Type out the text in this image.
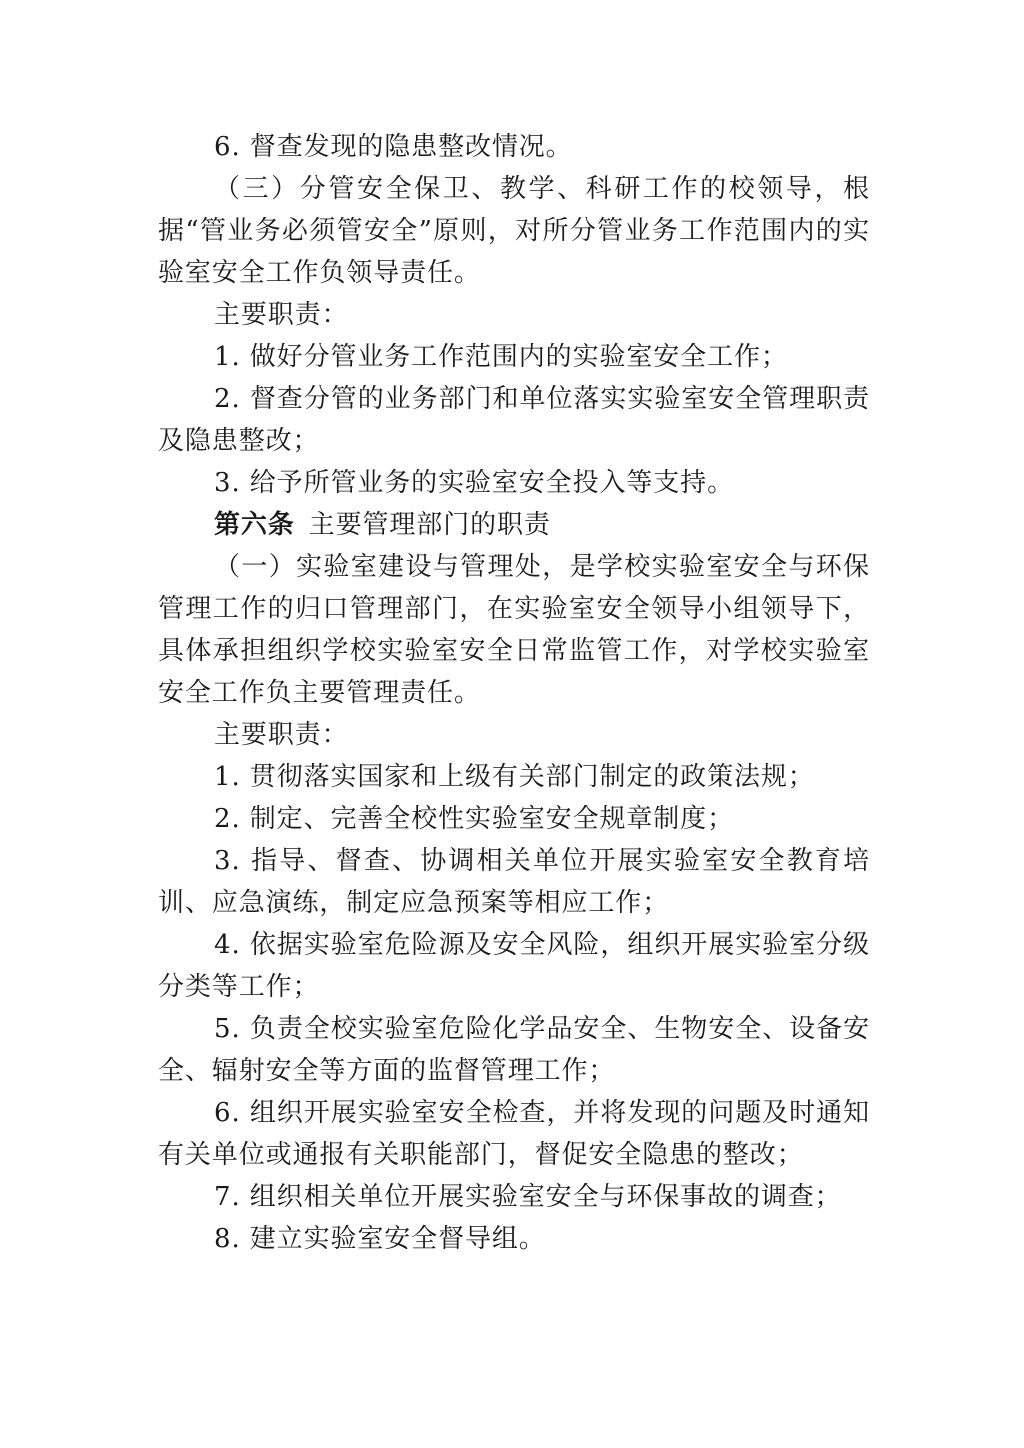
6. 督查发现的隐患整改情况。

（三）分管安全保卫、教学、科研工作的校领导，根据“管业务必须管安全”原则，对所分管业务工作范围内的实验室安全工作负领导责任。

主要职责：

1. 做好分管业务工作范围内的实验室安全工作；

2. 督查分管的业务部门和单位落实实验室安全管理职责及隐患整改；

3. 给予所管业务的实验室安全投入等支持。

第六条 主要管理部门的职责

（一）实验室建设与管理处，是学校实验室安全与环保管理工作的归口管理部门，在实验室安全领导小组领导下，具体承担组织学校实验室安全日常监管工作，对学校实验室安全工作负主要管理责任。

主要职责：

1. 贯彻落实国家和上级有关部门制定的政策法规；

2. 制定、完善全校性实验室安全规章制度；

3. 指导、督查、协调相关单位开展实验室安全教育培训、应急演练，制定应急预案等相应工作；

4. 依据实验室危险源及安全风险，组织开展实验室分级分类等工作；

5. 负责全校实验室危险化学品安全、生物安全、设备安全、辐射安全等方面的监督管理工作；

6. 组织开展实验室安全检查，并将发现的问题及时通知有关单位或通报有关职能部门，督促安全隐患的整改；

7. 组织相关单位开展实验室安全与环保事故的调查；

8. 建立实验室安全督导组。
